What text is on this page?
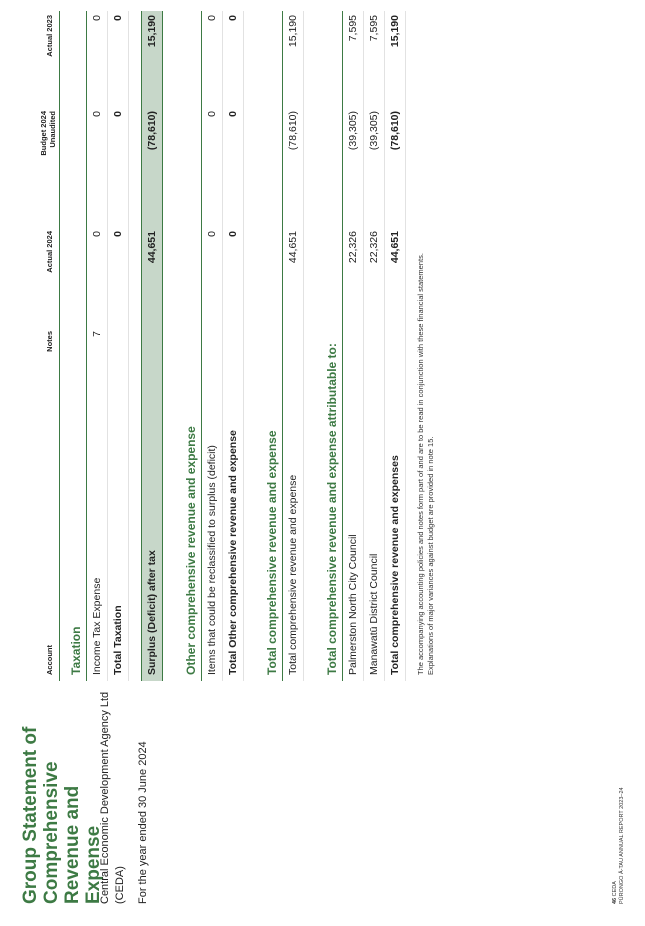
Group Statement of Comprehensive Revenue and Expense
Central Economic Development Agency Ltd (CEDA) For the year ended 30 June 2024	46 CEDA PŪRONGO Ā-TAU ANNUAL REPORT 2023–24
Account
Notes
Actual 2024
Budget 2024
Unaudited
Actual 2023
Taxation Income Tax Expense
7
0
0
0
Total Taxation
0
0
0
Surplus (Deficit) after tax
44,651
(78,610)
15,190
Other comprehensive revenue and expense Items that could be reclassified to surplus (deficit)
0
0
0
Total Other comprehensive revenue and expense
0
0
0
Total comprehensive revenue and expense Total comprehensive revenue and expense
44,651
(78,610)
15,190
Total comprehensive revenue and expense attributable to: Palmerston North City Council
22,326
(39,305)
7,595
Manawatū District Council
22,326
(39,305)
7,595
Total comprehensive revenue and expenses
44,651
(78,610)
15,190
The accompanying accounting policies and notes form part of and are to be read in conjunction with these financial statements. Explanations of major variances against budget are provided in note 15.
